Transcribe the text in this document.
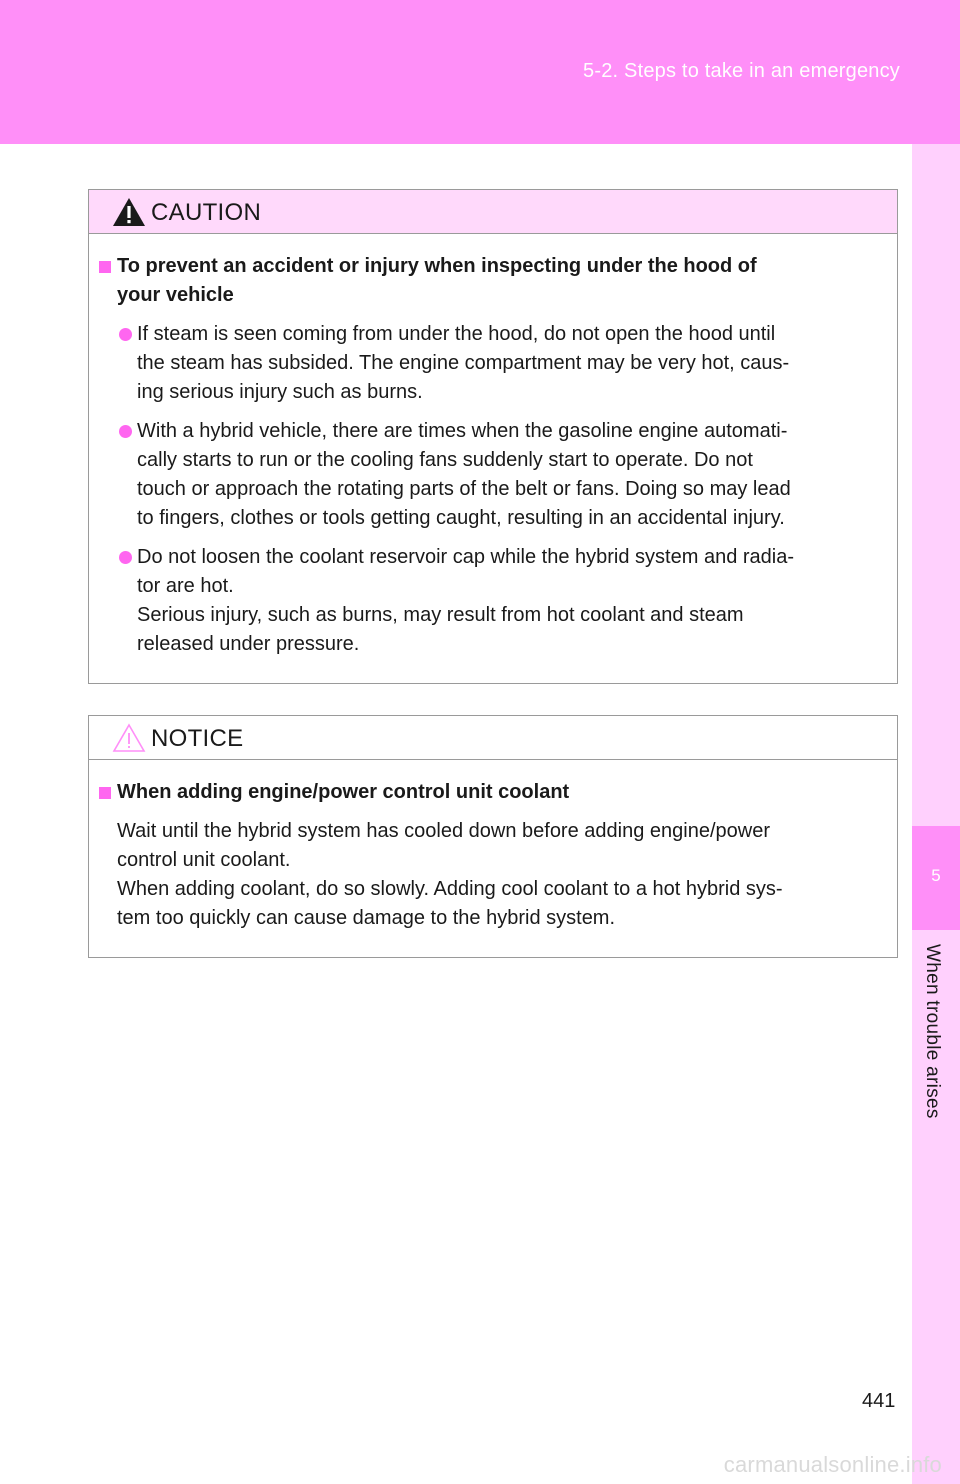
5-2. Steps to take in an emergency
5
When trouble arises
CAUTION
To prevent an accident or injury when inspecting under the hood of
your vehicle
If steam is seen coming from under the hood, do not open the hood until
the steam has subsided. The engine compartment may be very hot, caus-
ing serious injury such as burns.
With a hybrid vehicle, there are times when the gasoline engine automati-
cally starts to run or the cooling fans suddenly start to operate. Do not
touch or approach the rotating parts of the belt or fans. Doing so may lead
to fingers, clothes or tools getting caught, resulting in an accidental injury.
Do not loosen the coolant reservoir cap while the hybrid system and radia-
tor are hot.
Serious injury, such as burns, may result from hot coolant and steam
released under pressure.
NOTICE
When adding engine/power control unit coolant
Wait until the hybrid system has cooled down before adding engine/power
control unit coolant.
When adding coolant, do so slowly. Adding cool coolant to a hot hybrid sys-
tem too quickly can cause damage to the hybrid system.
441
carmanualsonline.info
